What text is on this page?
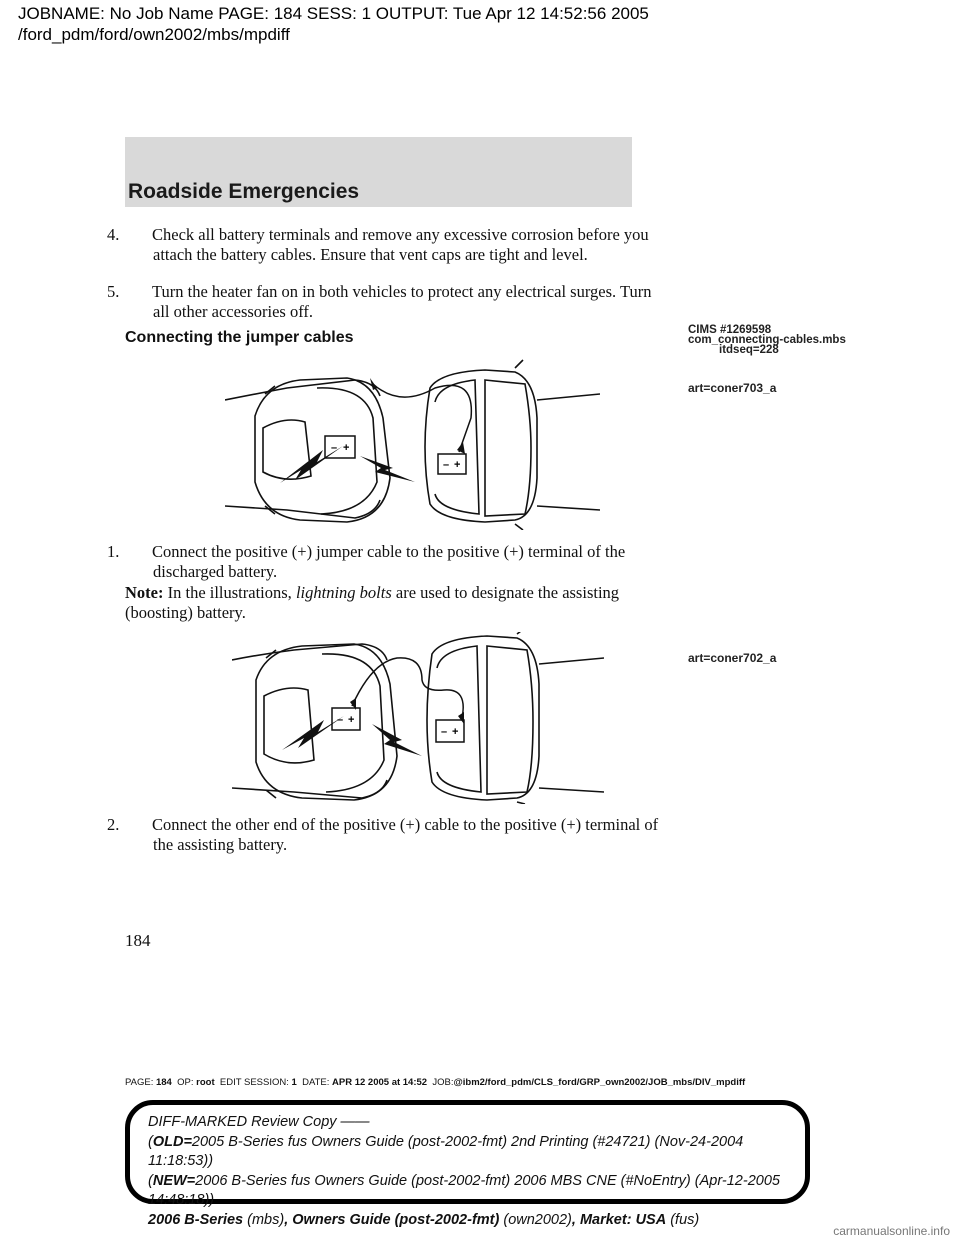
JOBNAME: No Job Name PAGE: 184 SESS: 1 OUTPUT: Tue Apr 12 14:52:56 2005
/ford_pdm/ford/own2002/mbs/mpdiff
Roadside Emergencies
4. Check all battery terminals and remove any excessive corrosion before you attach the battery cables. Ensure that vent caps are tight and level.
5. Turn the heater fan on in both vehicles to protect any electrical surges. Turn all other accessories off.
Connecting the jumper cables	CIMS #1269598
com_connecting-cables.mbs
itdseq=228
art=coner703_a
art=coner702_a
– +
– +
1. Connect the positive (+) jumper cable to the positive (+) terminal of the discharged battery.
Note: In the illustrations, lightning bolts are used to designate the assisting (boosting) battery.
– +
– +
2. Connect the other end of the positive (+) cable to the positive (+) terminal of the assisting battery.
184
PAGE: 184 OP: root EDIT SESSION: 1 DATE: APR 12 2005 at 14:52 JOB:@ibm2/ford_pdm/CLS_ford/GRP_own2002/JOB_mbs/DIV_mpdiff
DIFF-MARKED Review Copy ——
(OLD=2005 B-Series fus Owners Guide (post-2002-fmt) 2nd Printing (#24721) (Nov-24-2004 11:18:53))
(NEW=2006 B-Series fus Owners Guide (post-2002-fmt) 2006 MBS CNE (#NoEntry) (Apr-12-2005 14:48:18))
2006 B-Series (mbs), Owners Guide (post-2002-fmt) (own2002), Market: USA (fus)
carmanualsonline.info
